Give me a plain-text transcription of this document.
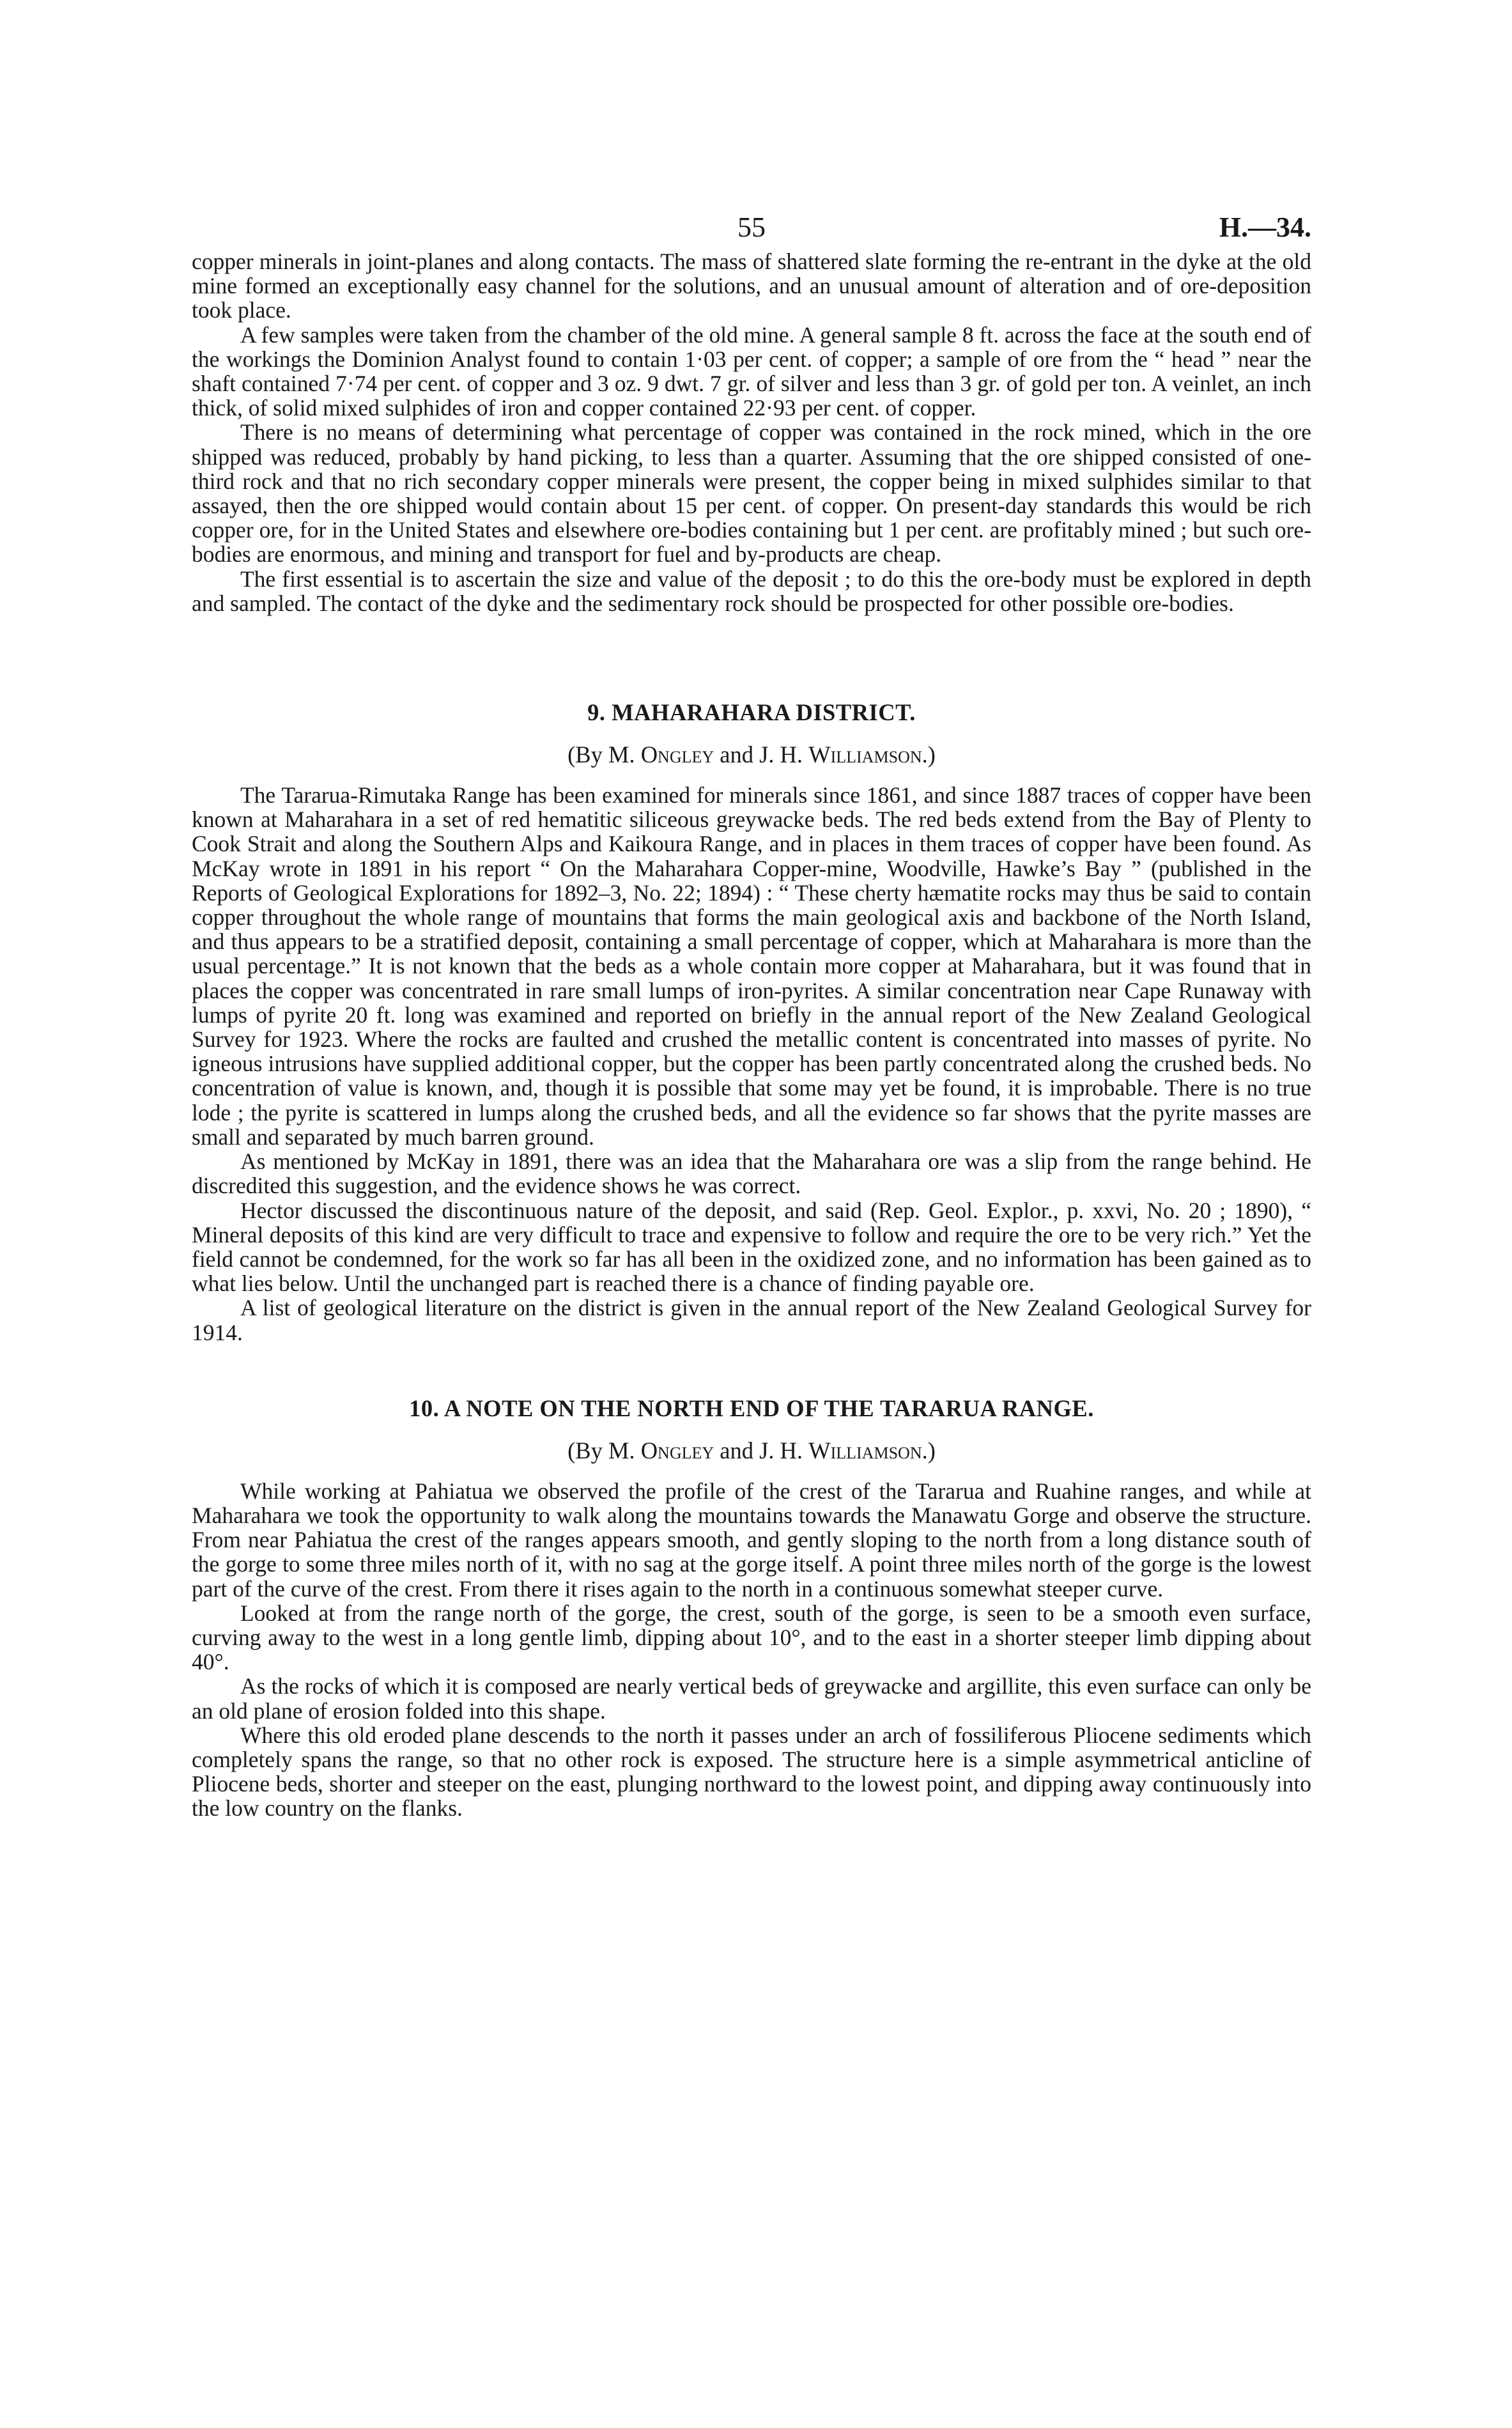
55	H.—34.

copper minerals in joint-planes and along contacts. The mass of shattered slate forming the re-entrant in the dyke at the old mine formed an exceptionally easy channel for the solutions, and an unusual amount of alteration and of ore-deposition took place.

A few samples were taken from the chamber of the old mine. A general sample 8 ft. across the face at the south end of the workings the Dominion Analyst found to contain 1·03 per cent. of copper; a sample of ore from the “ head ” near the shaft contained 7·74 per cent. of copper and 3 oz. 9 dwt. 7 gr. of silver and less than 3 gr. of gold per ton. A veinlet, an inch thick, of solid mixed sulphides of iron and copper contained 22·93 per cent. of copper.

There is no means of determining what percentage of copper was contained in the rock mined, which in the ore shipped was reduced, probably by hand picking, to less than a quarter. Assuming that the ore shipped consisted of one-third rock and that no rich secondary copper minerals were present, the copper being in mixed sulphides similar to that assayed, then the ore shipped would contain about 15 per cent. of copper. On present-day standards this would be rich copper ore, for in the United States and elsewhere ore-bodies containing but 1 per cent. are profitably mined ; but such ore-bodies are enormous, and mining and transport for fuel and by-products are cheap.

The first essential is to ascertain the size and value of the deposit ; to do this the ore-body must be explored in depth and sampled. The contact of the dyke and the sedimentary rock should be prospected for other possible ore-bodies.

9. MAHARAHARA DISTRICT.
(By M. Ongley and J. H. Williamson.)

The Tararua-Rimutaka Range has been examined for minerals since 1861, and since 1887 traces of copper have been known at Maharahara in a set of red hematitic siliceous greywacke beds. The red beds extend from the Bay of Plenty to Cook Strait and along the Southern Alps and Kaikoura Range, and in places in them traces of copper have been found. As McKay wrote in 1891 in his report “ On the Maharahara Copper-mine, Woodville, Hawke’s Bay ” (published in the Reports of Geological Explorations for 1892–3, No. 22; 1894) : “ These cherty hæmatite rocks may thus be said to contain copper throughout the whole range of mountains that forms the main geological axis and backbone of the North Island, and thus appears to be a stratified deposit, containing a small percentage of copper, which at Maharahara is more than the usual percentage.” It is not known that the beds as a whole contain more copper at Maharahara, but it was found that in places the copper was concentrated in rare small lumps of iron-pyrites. A similar concentration near Cape Runaway with lumps of pyrite 20 ft. long was examined and reported on briefly in the annual report of the New Zealand Geological Survey for 1923. Where the rocks are faulted and crushed the metallic content is concentrated into masses of pyrite. No igneous intrusions have supplied additional copper, but the copper has been partly concentrated along the crushed beds. No concentration of value is known, and, though it is possible that some may yet be found, it is improbable. There is no true lode ; the pyrite is scattered in lumps along the crushed beds, and all the evidence so far shows that the pyrite masses are small and separated by much barren ground.

As mentioned by McKay in 1891, there was an idea that the Maharahara ore was a slip from the range behind. He discredited this suggestion, and the evidence shows he was correct.

Hector discussed the discontinuous nature of the deposit, and said (Rep. Geol. Explor., p. xxvi, No. 20 ; 1890), “ Mineral deposits of this kind are very difficult to trace and expensive to follow and require the ore to be very rich.” Yet the field cannot be condemned, for the work so far has all been in the oxidized zone, and no information has been gained as to what lies below. Until the unchanged part is reached there is a chance of finding payable ore.

A list of geological literature on the district is given in the annual report of the New Zealand Geological Survey for 1914.

10. A NOTE ON THE NORTH END OF THE TARARUA RANGE.
(By M. Ongley and J. H. Williamson.)

While working at Pahiatua we observed the profile of the crest of the Tararua and Ruahine ranges, and while at Maharahara we took the opportunity to walk along the mountains towards the Manawatu Gorge and observe the structure. From near Pahiatua the crest of the ranges appears smooth, and gently sloping to the north from a long distance south of the gorge to some three miles north of it, with no sag at the gorge itself. A point three miles north of the gorge is the lowest part of the curve of the crest. From there it rises again to the north in a continuous somewhat steeper curve.

Looked at from the range north of the gorge, the crest, south of the gorge, is seen to be a smooth even surface, curving away to the west in a long gentle limb, dipping about 10°, and to the east in a shorter steeper limb dipping about 40°.

As the rocks of which it is composed are nearly vertical beds of greywacke and argillite, this even surface can only be an old plane of erosion folded into this shape.

Where this old eroded plane descends to the north it passes under an arch of fossiliferous Pliocene sediments which completely spans the range, so that no other rock is exposed. The structure here is a simple asymmetrical anticline of Pliocene beds, shorter and steeper on the east, plunging northward to the lowest point, and dipping away continuously into the low country on the flanks.
